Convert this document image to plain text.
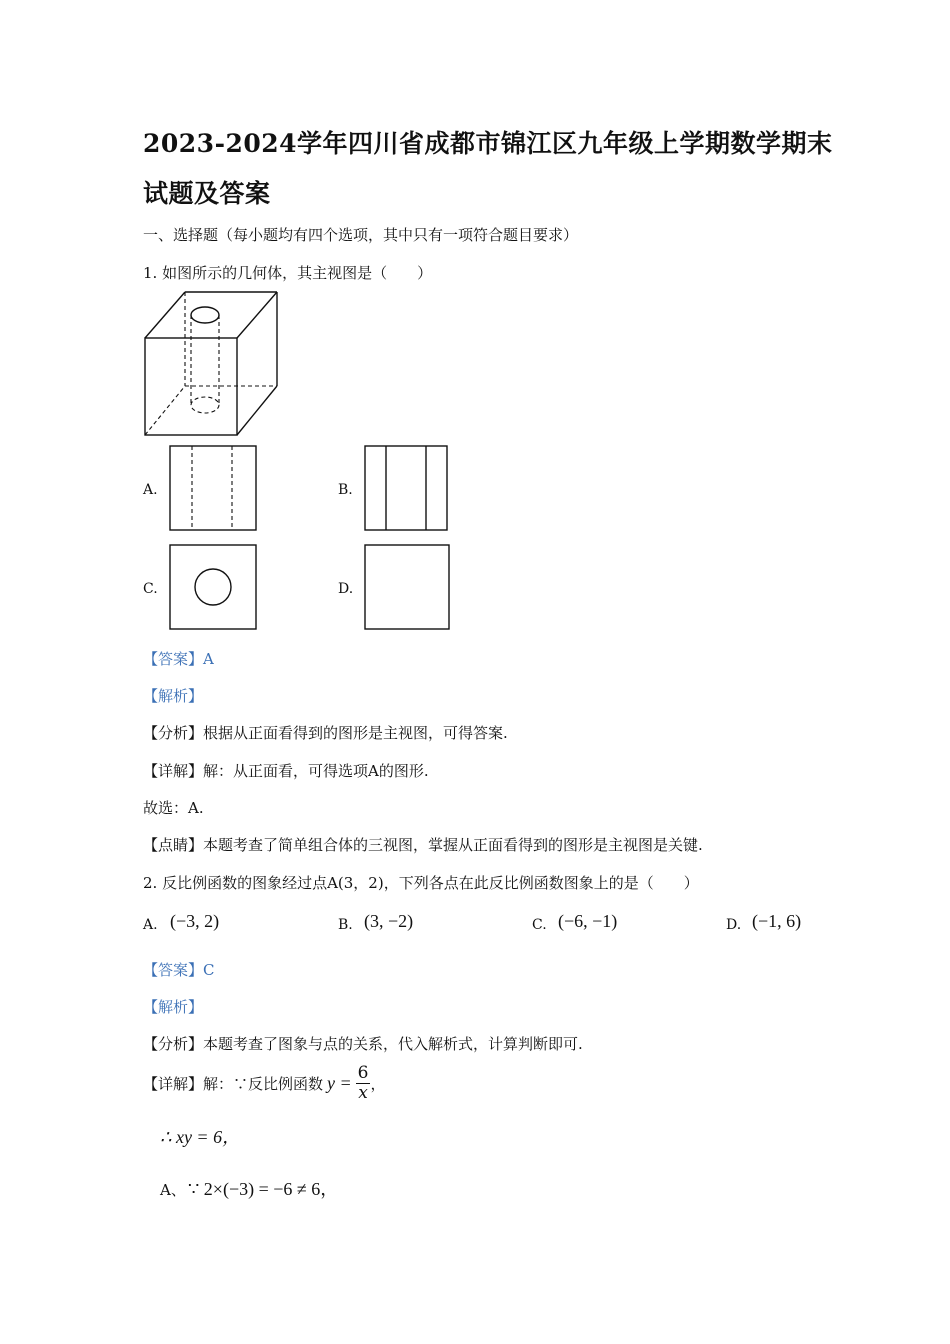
2023-2024学年四川省成都市锦江区九年级上学期数学期末
试题及答案
一、选择题（每小题均有四个选项，其中只有一项符合题目要求）
1. 如图所示的几何体，其主视图是（　　）
A.	B.
C.	D.
【答案】A
【解析】
【分析】根据从正面看得到的图形是主视图，可得答案.
【详解】解：从正面看，可得选项A的图形.
故选：A.
【点睛】本题考查了简单组合体的三视图，掌握从正面看得到的图形是主视图是关键.
2. 反比例函数的图象经过点A(3，2)，下列各点在此反比例函数图象上的是（　　）
A. (−3, 2)	B. (3, −2)	C. (−6, −1)	D. (−1, 6)
【答案】C
【解析】
【分析】本题考查了图象与点的关系，代入解析式，计算判断即可.
【详解】解：∵反比例函数 $y = \frac{6}{x}$ ，
∴ xy = 6，
A、 ∵ 2×(−3) = −6 ≠ 6，
